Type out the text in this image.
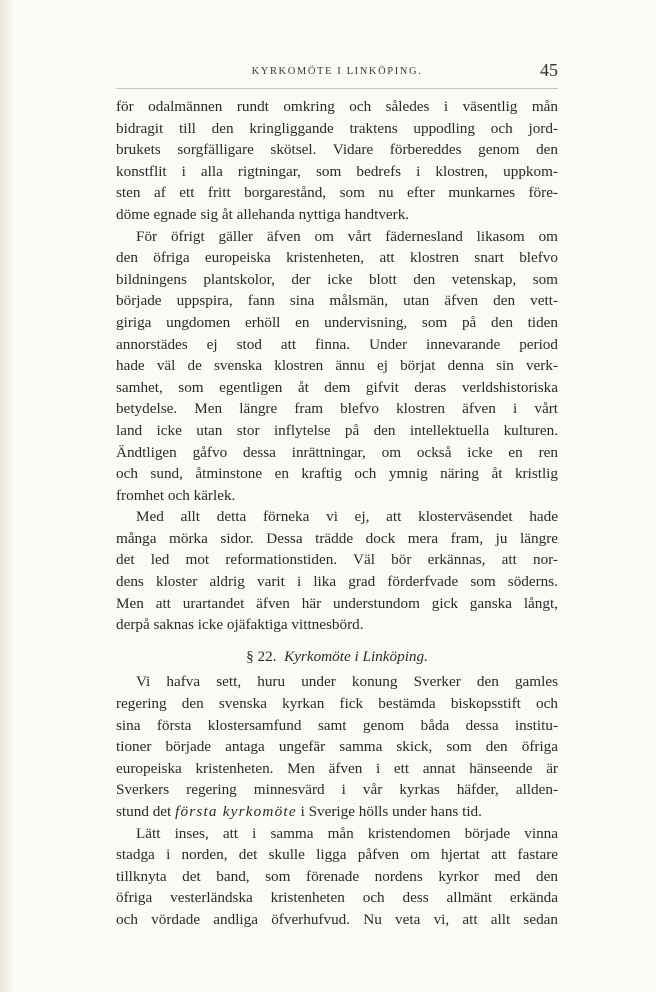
KYRKOMÖTE I LINKÖPING.	45
för odalmännen rundt omkring och således i väsentlig mån
bidragit till den kringliggande traktens uppodling och jord-
brukets sorgfälligare skötsel. Vidare förbereddes genom den
konstflit i alla rigtningar, som bedrefs i klostren, uppkom-
sten af ett fritt borgarestånd, som nu efter munkarnes före-
döme egnade sig åt allehanda nyttiga handtverk.
För öfrigt gäller äfven om vårt fädernesland likasom om
den öfriga europeiska kristenheten, att klostren snart blefvo
bildningens plantskolor, der icke blott den vetenskap, som
började uppspira, fann sina målsmän, utan äfven den vett-
giriga ungdomen erhöll en undervisning, som på den tiden
annorstädes ej stod att finna. Under innevarande period
hade väl de svenska klostren ännu ej börjat denna sin verk-
samhet, som egentligen åt dem gifvit deras verldshistoriska
betydelse. Men längre fram blefvo klostren äfven i vårt
land icke utan stor inflytelse på den intellektuella kulturen.
Ändtligen gåfvo dessa inrättningar, om också icke en ren
och sund, åtminstone en kraftig och ymnig näring åt kristlig
fromhet och kärlek.
Med allt detta förneka vi ej, att klosterväsendet hade
många mörka sidor. Dessa trädde dock mera fram, ju längre
det led mot reformationstiden. Väl bör erkännas, att nor-
dens kloster aldrig varit i lika grad förderfvade som söderns.
Men att urartandet äfven här understundom gick ganska långt,
derpå saknas icke ojäfaktiga vittnesbörd.
§ 22. Kyrkomöte i Linköping.
Vi hafva sett, huru under konung Sverker den gamles
regering den svenska kyrkan fick bestämda biskopsstift och
sina första klostersamfund samt genom båda dessa institu-
tioner började antaga ungefär samma skick, som den öfriga
europeiska kristenheten. Men äfven i ett annat hänseende är
Sverkers regering minnesvärd i vår kyrkas häfder, allden-
stund det första kyrkomöte i Sverige hölls under hans tid.
Lätt inses, att i samma mån kristendomen började vinna
stadga i norden, det skulle ligga påfven om hjertat att fastare
tillknyta det band, som förenade nordens kyrkor med den
öfriga vesterländska kristenheten och dess allmänt erkända
och vördade andliga öfverhufvud. Nu veta vi, att allt sedan
